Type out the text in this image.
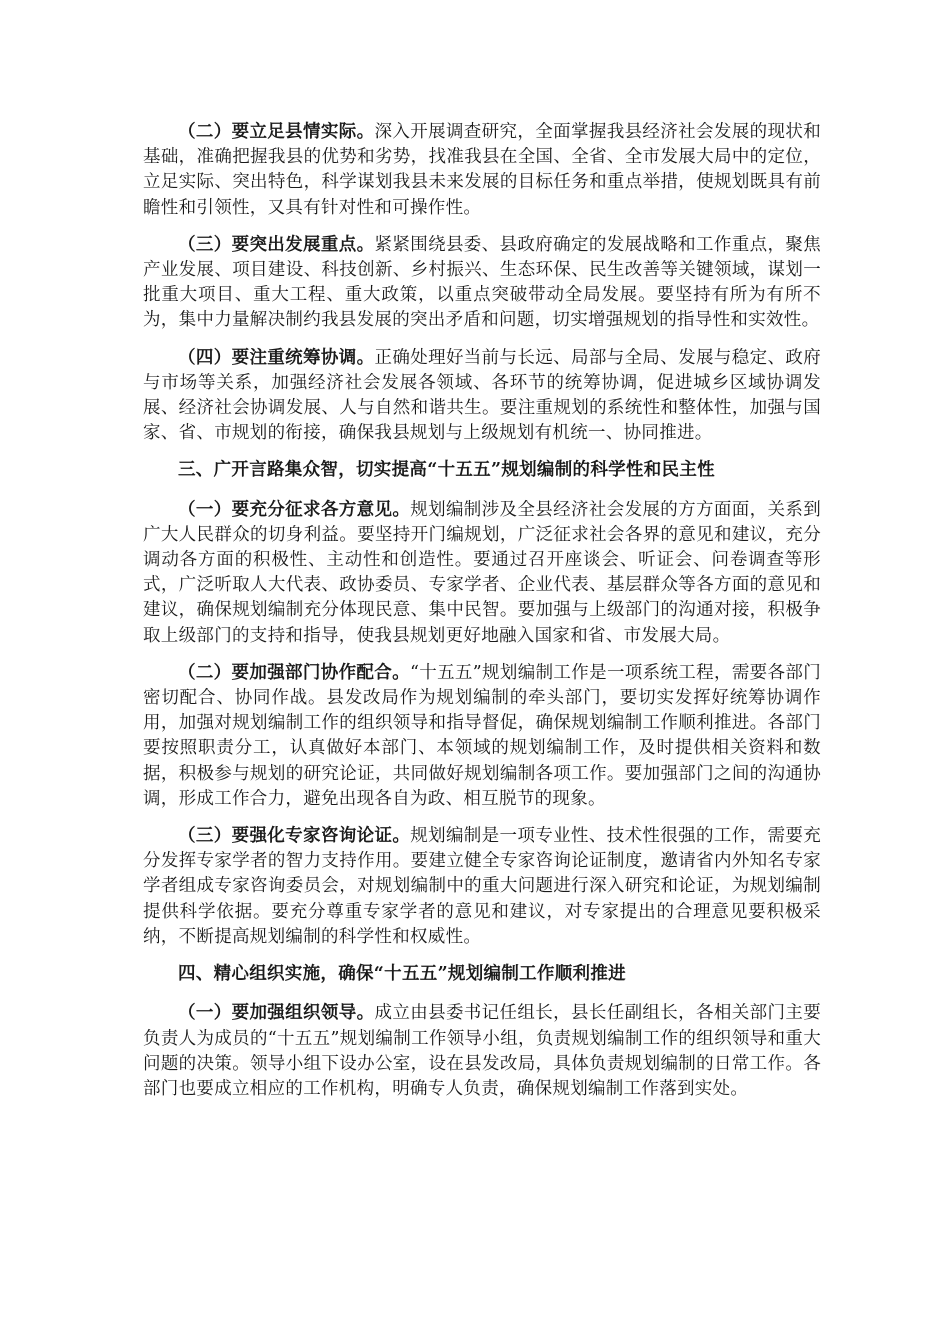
（二）要立足县情实际。深入开展调查研究，全面掌握我县经济社会发展的现状和基础，准确把握我县的优势和劣势，找准我县在全国、全省、全市发展大局中的定位，立足实际、突出特色，科学谋划我县未来发展的目标任务和重点举措，使规划既具有前瞻性和引领性，又具有针对性和可操作性。

（三）要突出发展重点。紧紧围绕县委、县政府确定的发展战略和工作重点，聚焦产业发展、项目建设、科技创新、乡村振兴、生态环保、民生改善等关键领域，谋划一批重大项目、重大工程、重大政策，以重点突破带动全局发展。要坚持有所为有所不为，集中力量解决制约我县发展的突出矛盾和问题，切实增强规划的指导性和实效性。

（四）要注重统筹协调。正确处理好当前与长远、局部与全局、发展与稳定、政府与市场等关系，加强经济社会发展各领域、各环节的统筹协调，促进城乡区域协调发展、经济社会协调发展、人与自然和谐共生。要注重规划的系统性和整体性，加强与国家、省、市规划的衔接，确保我县规划与上级规划有机统一、协同推进。

三、广开言路集众智，切实提高“十五五”规划编制的科学性和民主性

（一）要充分征求各方意见。规划编制涉及全县经济社会发展的方方面面，关系到广大人民群众的切身利益。要坚持开门编规划，广泛征求社会各界的意见和建议，充分调动各方面的积极性、主动性和创造性。要通过召开座谈会、听证会、问卷调查等形式，广泛听取人大代表、政协委员、专家学者、企业代表、基层群众等各方面的意见和建议，确保规划编制充分体现民意、集中民智。要加强与上级部门的沟通对接，积极争取上级部门的支持和指导，使我县规划更好地融入国家和省、市发展大局。

（二）要加强部门协作配合。“十五五”规划编制工作是一项系统工程，需要各部门密切配合、协同作战。县发改局作为规划编制的牵头部门，要切实发挥好统筹协调作用，加强对规划编制工作的组织领导和指导督促，确保规划编制工作顺利推进。各部门要按照职责分工，认真做好本部门、本领域的规划编制工作，及时提供相关资料和数据，积极参与规划的研究论证，共同做好规划编制各项工作。要加强部门之间的沟通协调，形成工作合力，避免出现各自为政、相互脱节的现象。

（三）要强化专家咨询论证。规划编制是一项专业性、技术性很强的工作，需要充分发挥专家学者的智力支持作用。要建立健全专家咨询论证制度，邀请省内外知名专家学者组成专家咨询委员会，对规划编制中的重大问题进行深入研究和论证，为规划编制提供科学依据。要充分尊重专家学者的意见和建议，对专家提出的合理意见要积极采纳，不断提高规划编制的科学性和权威性。

四、精心组织实施，确保“十五五”规划编制工作顺利推进

（一）要加强组织领导。成立由县委书记任组长，县长任副组长，各相关部门主要负责人为成员的“十五五”规划编制工作领导小组，负责规划编制工作的组织领导和重大问题的决策。领导小组下设办公室，设在县发改局，具体负责规划编制的日常工作。各部门也要成立相应的工作机构，明确专人负责，确保规划编制工作落到实处。
